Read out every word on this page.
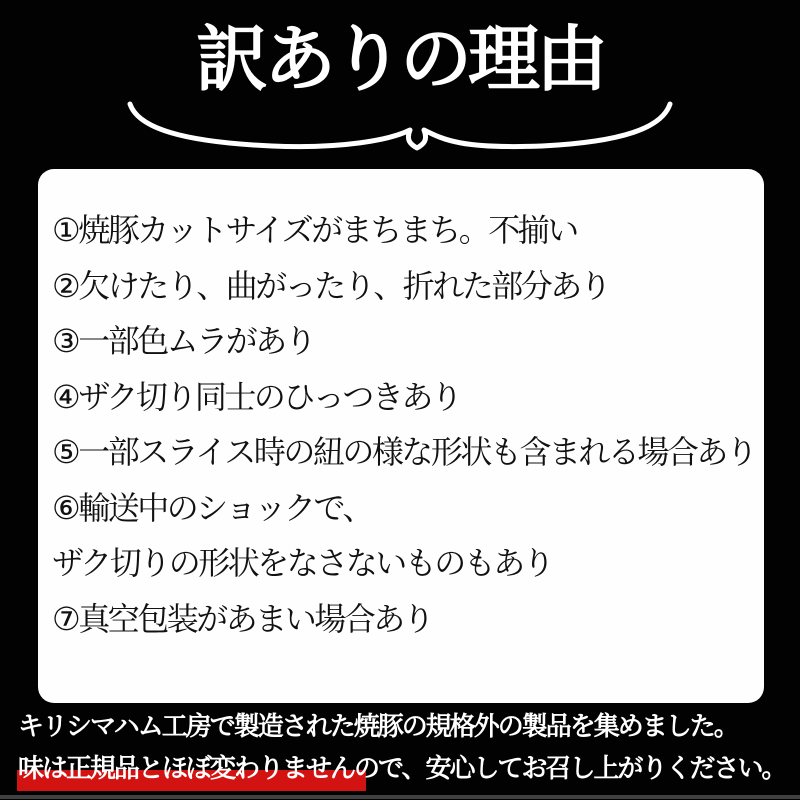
訳ありの理由

①焼豚カットサイズがまちまち。不揃い

②欠けたり、曲がったり、折れた部分あり

③一部色ムラがあり

④ザク切り同士のひっつきあり

⑤一部スライス時の紐の様な形状も含まれる場合あり

⑥輸送中のショックで、

ザク切りの形状をなさないものもあり

⑦真空包装があまい場合あり

キリシマハム工房で製造された焼豚の規格外の製品を集めました。

味は正規品とほぼ変わりませんので、安心してお召し上がりください。
